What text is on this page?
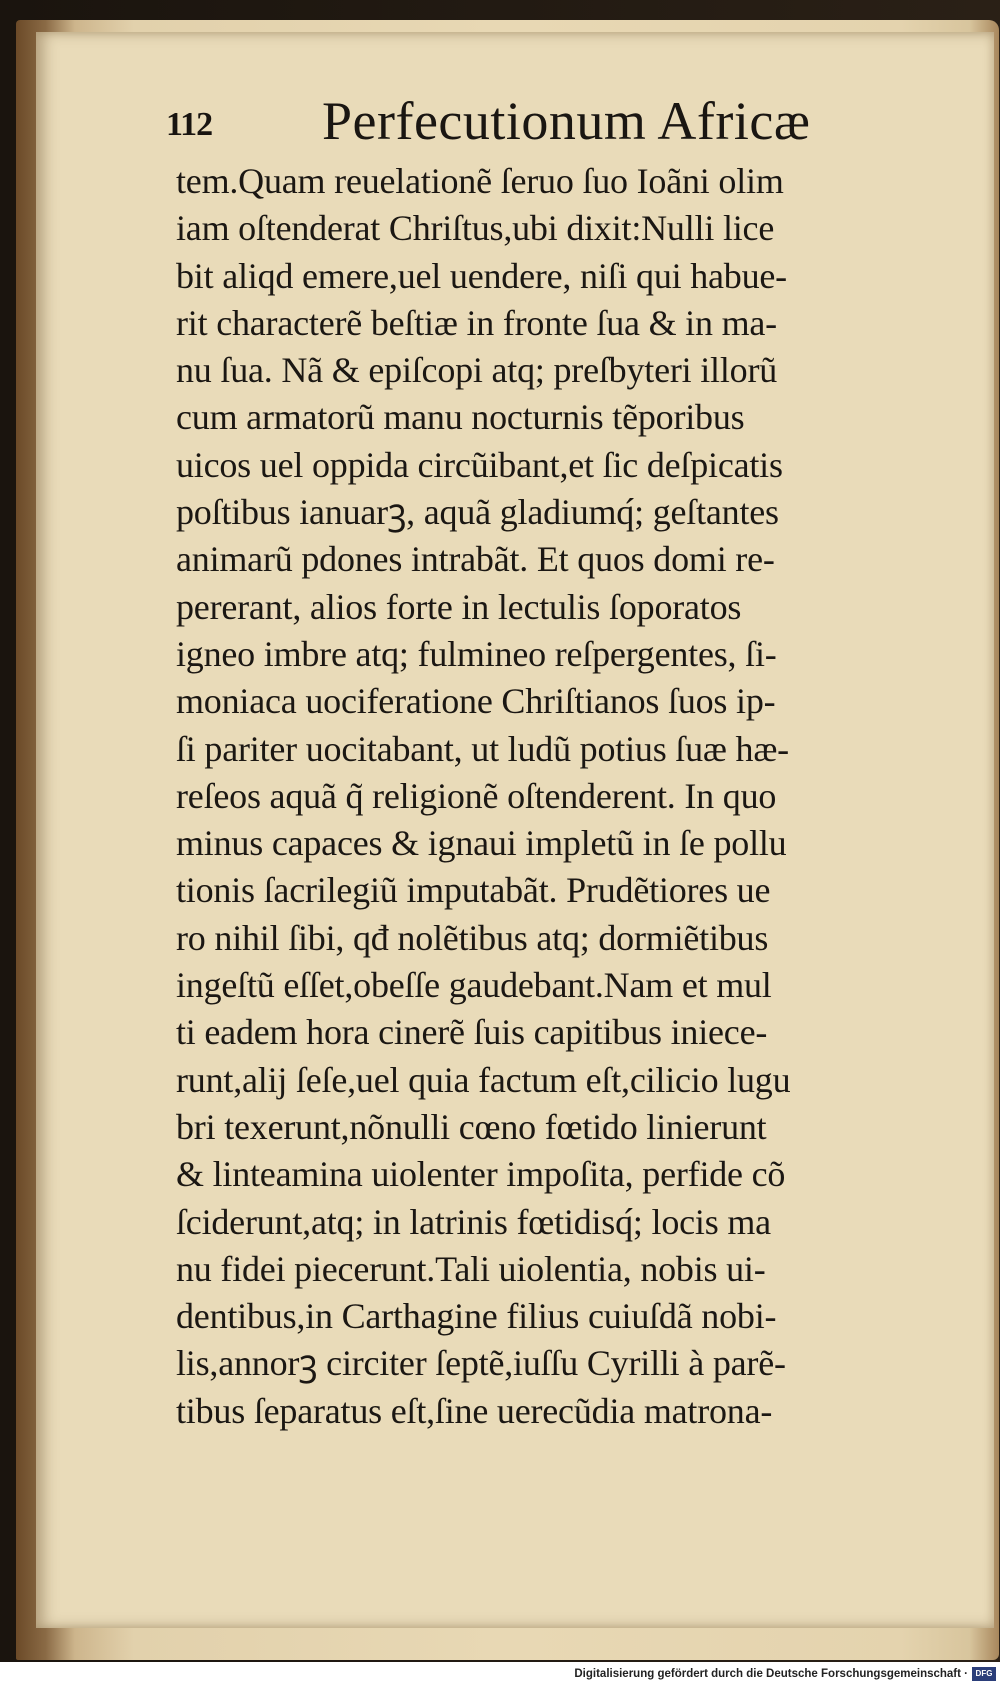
112 Perfecutionum Africæ
tem.Quam reuelationẽ ſeruo ſuo Ioãni olim
iam oſtenderat Chriſtus,ubi dixit:Nulli lice
bit aliqd emere,uel uendere, niſi qui habue-
rit characterẽ beſtiæ in fronte ſua & in ma-
nu ſua. Nã & epiſcopi atq; preſbyteri illorũ
cum armatorũ manu nocturnis tẽporibus
uicos uel oppida circũibant,et ſic deſpicatis
poſtibus ianuarꝫ, aquã gladiumq́; geſtantes
animarũ pdones intrabãt. Et quos domi re-
pererant, alios forte in lectulis ſoporatos
igneo imbre atq; fulmineo reſpergentes, ſi-
moniaca uociferatione Chriſtianos ſuos ip-
ſi pariter uocitabant, ut ludũ potius ſuæ hæ-
reſeos aquã q̃ religionẽ oſtenderent. In quo
minus capaces & ignaui impletũ in ſe pollu
tionis ſacrilegiũ imputabãt. Prudẽtiores ue
ro nihil ſibi, qđ nolẽtibus atq; dormiẽtibus
ingeſtũ eſſet,obeſſe gaudebant.Nam et mul
ti eadem hora cinerẽ ſuis capitibus iniece-
runt,alij ſeſe,uel quia factum eſt,cilicio lugu
bri texerunt,nõnulli cœno fœtido linierunt
& linteamina uiolenter impoſita, perfide cõ
ſciderunt,atq; in latrinis fœtidisq́; locis ma
nu fidei piecerunt.Tali uiolentia, nobis ui-
dentibus,in Carthagine filius cuiuſdã nobi-
lis,annorꝫ circiter ſeptẽ,iuſſu Cyrilli à parẽ-
tibus ſeparatus eſt,ſine uerecũdia matrona-
Digitalisierung gefördert durch die Deutsche Forschungsgemeinschaft · DFG
